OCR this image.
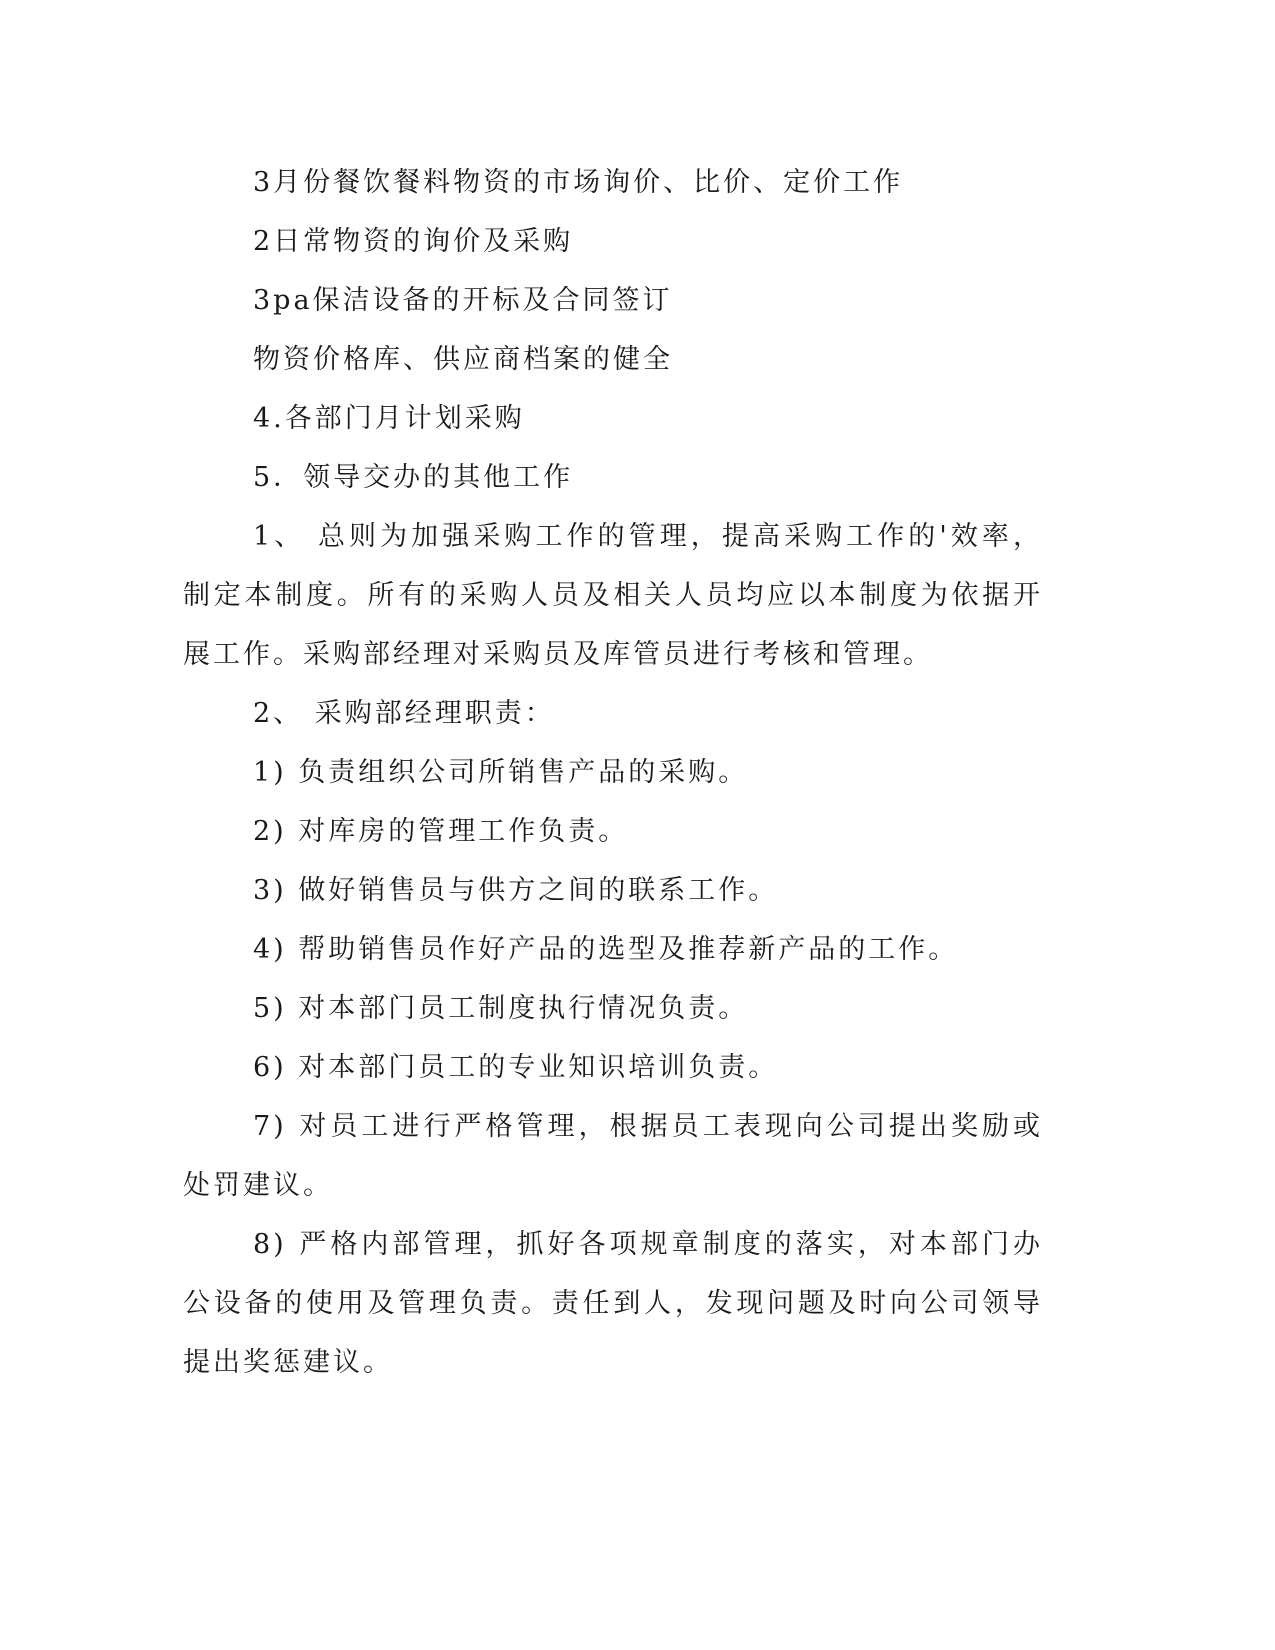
3月份餐饮餐料物资的市场询价、比价、定价工作

2日常物资的询价及采购

3pa保洁设备的开标及合同签订

物资价格库、供应商档案的健全

4.各部门月计划采购

5．领导交办的其他工作

1、 总则为加强采购工作的管理，提高采购工作的'效率，制定本制度。所有的采购人员及相关人员均应以本制度为依据开展工作。采购部经理对采购员及库管员进行考核和管理。

2、 采购部经理职责：

1) 负责组织公司所销售产品的采购。

2) 对库房的管理工作负责。

3) 做好销售员与供方之间的联系工作。

4) 帮助销售员作好产品的选型及推荐新产品的工作。

5) 对本部门员工制度执行情况负责。

6) 对本部门员工的专业知识培训负责。

7) 对员工进行严格管理，根据员工表现向公司提出奖励或处罚建议。

8) 严格内部管理，抓好各项规章制度的落实，对本部门办公设备的使用及管理负责。责任到人，发现问题及时向公司领导提出奖惩建议。
